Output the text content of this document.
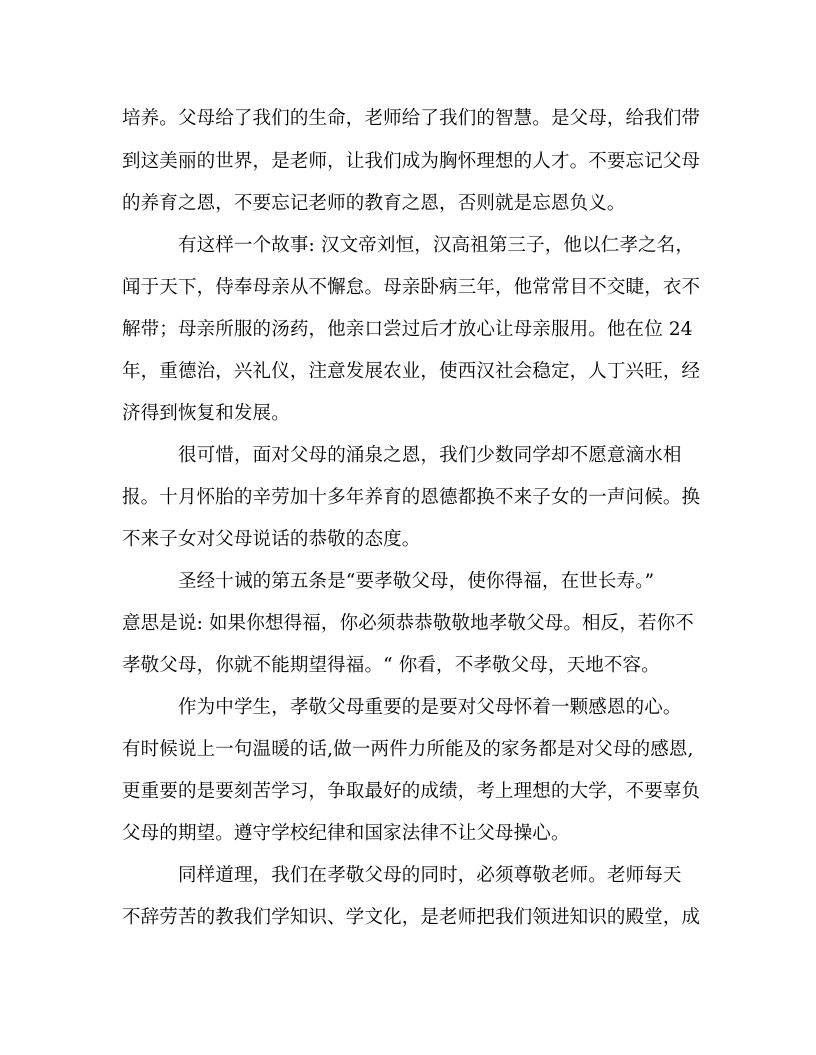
培养。父母给了我们的生命，老师给了我们的智慧。是父母，给我们带
到这美丽的世界，是老师，让我们成为胸怀理想的人才。不要忘记父母
的养育之恩，不要忘记老师的教育之恩，否则就是忘恩负义。
有这样一个故事: 汉文帝刘恒，汉高祖第三子，他以仁孝之名，
闻于天下，侍奉母亲从不懈怠。母亲卧病三年，他常常目不交睫，衣不
解带；母亲所服的汤药，他亲口尝过后才放心让母亲服用。他在位 24
年，重德治，兴礼仪，注意发展农业，使西汉社会稳定，人丁兴旺，经
济得到恢复和发展。
很可惜，面对父母的涌泉之恩，我们少数同学却不愿意滴水相
报。十月怀胎的辛劳加十多年养育的恩德都换不来子女的一声问候。换
不来子女对父母说话的恭敬的态度。
圣经十诫的第五条是“要孝敬父母，使你得福，在世长寿。”
意思是说: 如果你想得福，你必须恭恭敬敬地孝敬父母。相反，若你不
孝敬父母，你就不能期望得福。“ 你看，不孝敬父母，天地不容。
作为中学生，孝敬父母重要的是要对父母怀着一颗感恩的心。
有时候说上一句温暖的话,做一两件力所能及的家务都是对父母的感恩,
更重要的是要刻苦学习，争取最好的成绩，考上理想的大学，不要辜负
父母的期望。遵守学校纪律和国家法律不让父母操心。
同样道理，我们在孝敬父母的同时，必须尊敬老师。老师每天
不辞劳苦的教我们学知识、学文化，是老师把我们领进知识的殿堂，成
